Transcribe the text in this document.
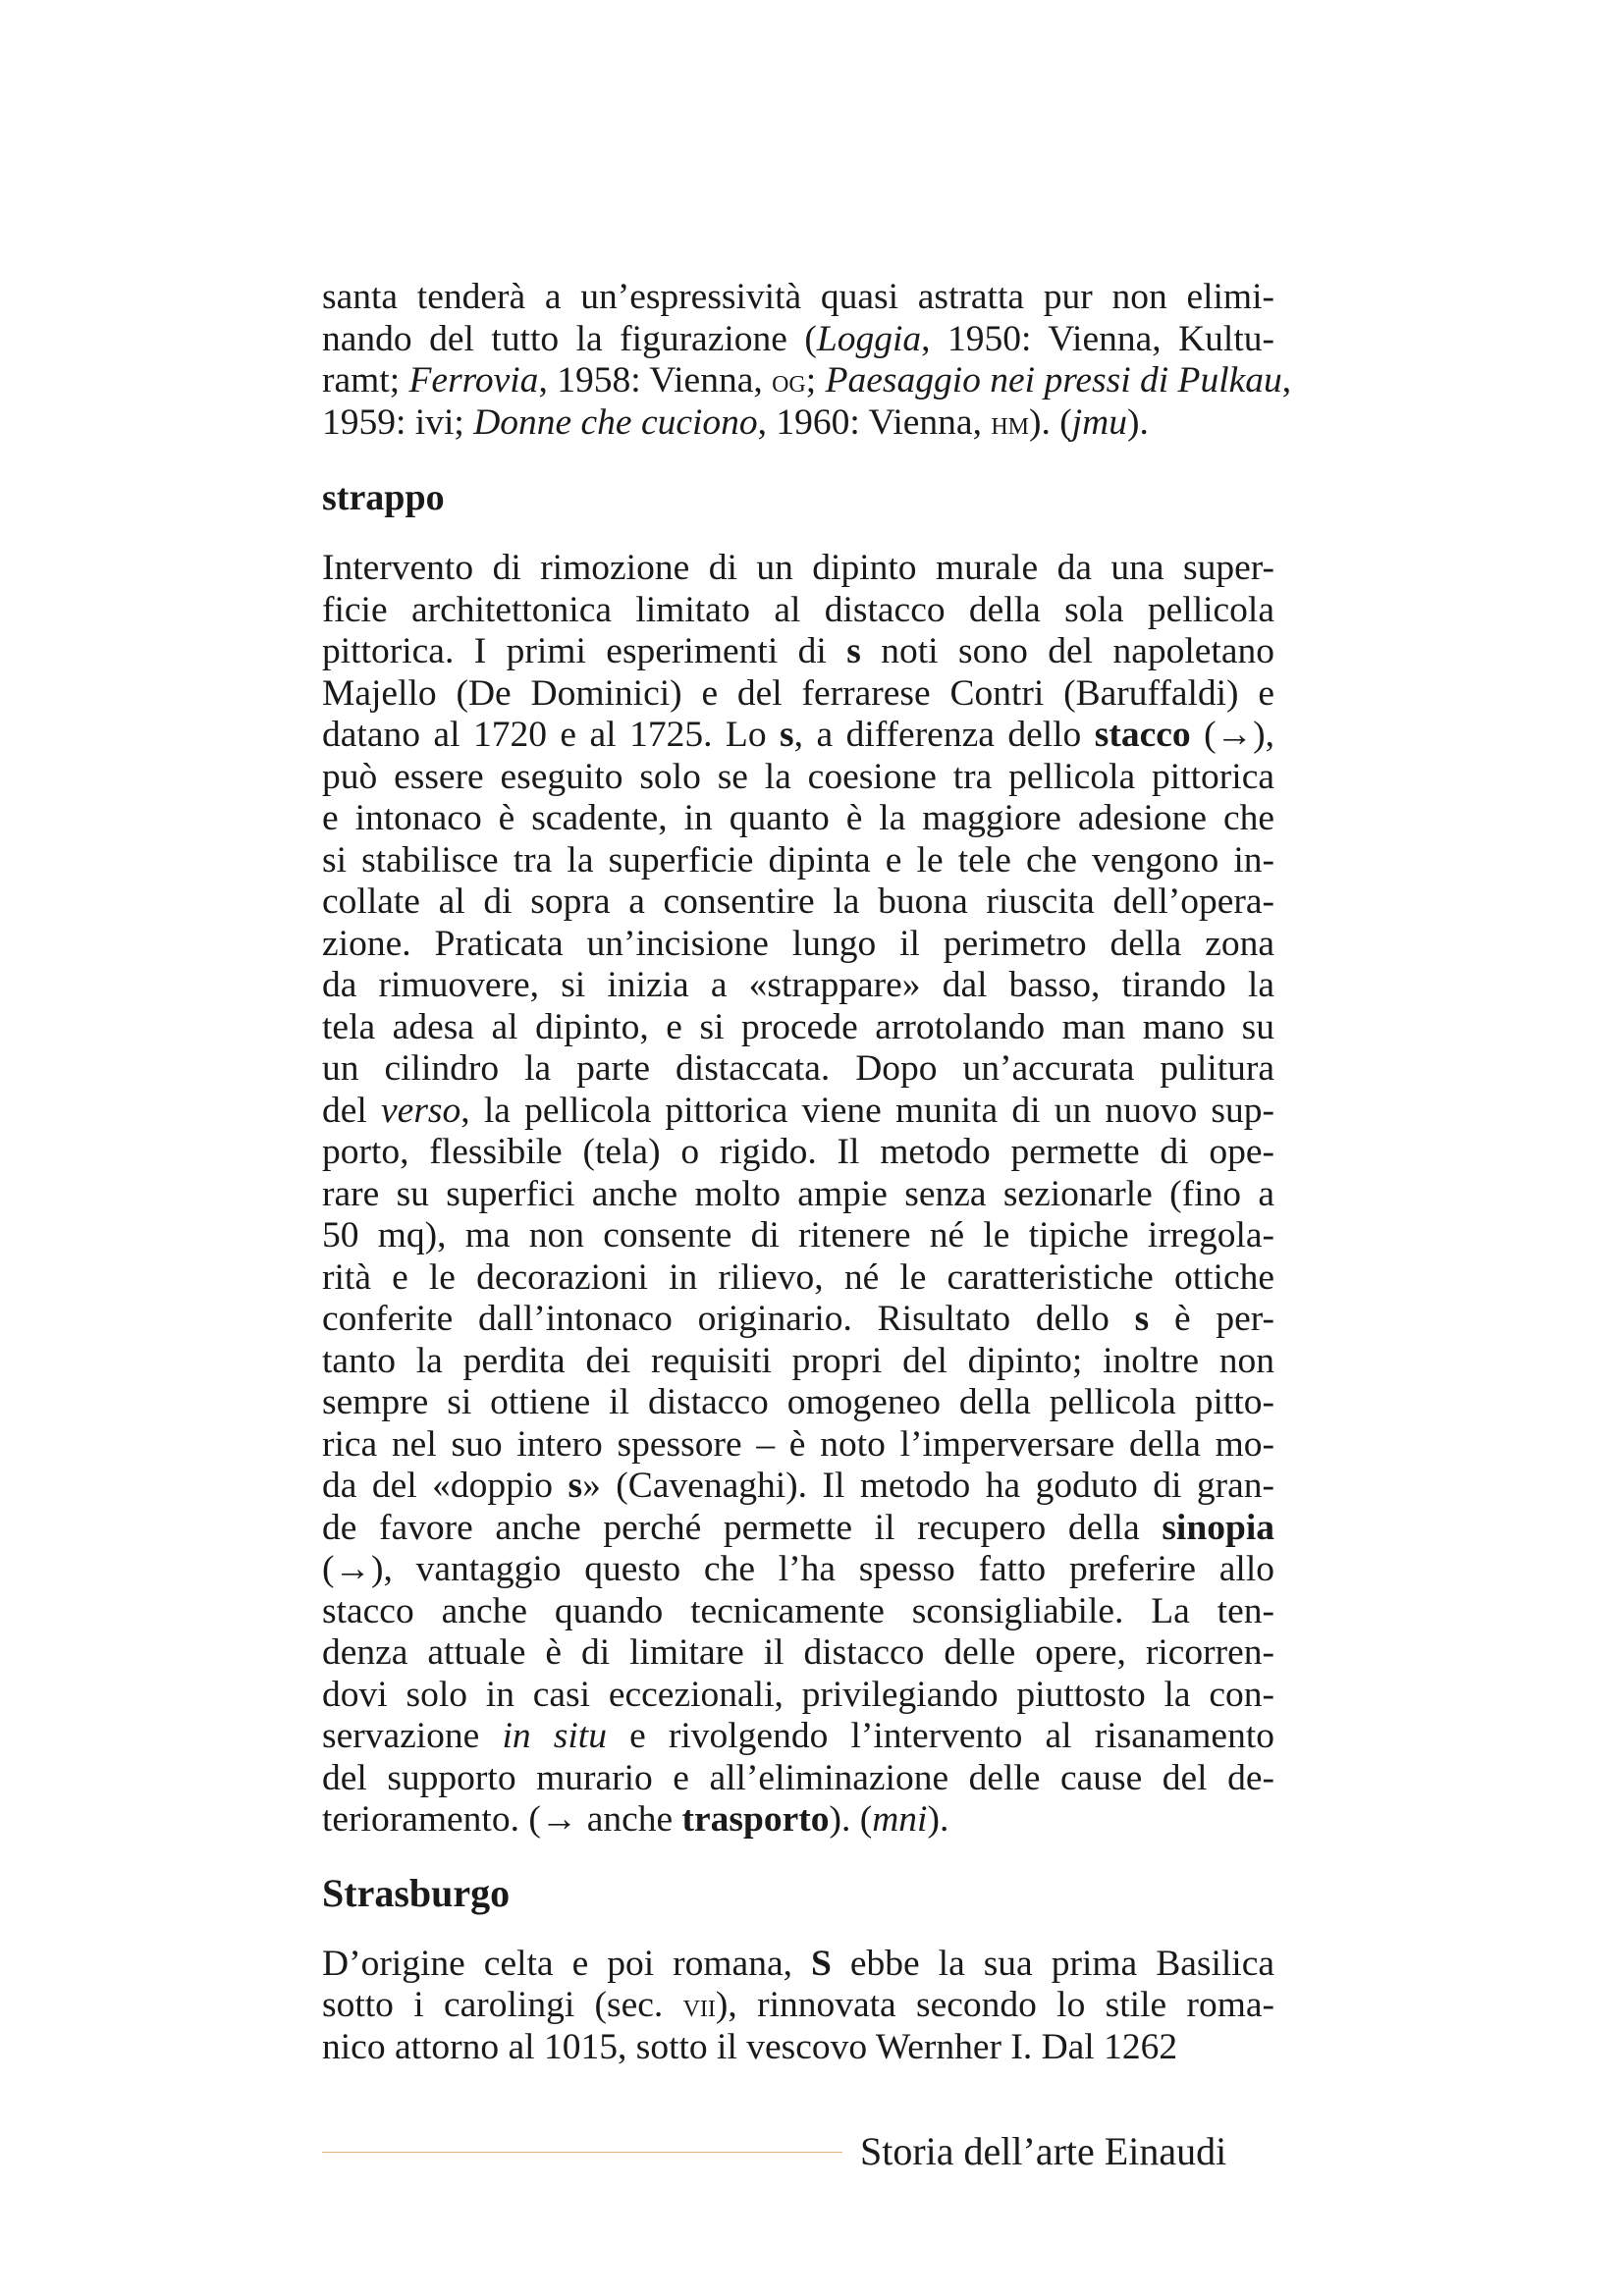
santa tenderà a un’espressività quasi astratta pur non elimi-
nando del tutto la figurazione (Loggia, 1950: Vienna, Kultu-
ramt; Ferrovia, 1958: Vienna, og; Paesaggio nei pressi di Pulkau,
1959: ivi; Donne che cuciono, 1960: Vienna, hm). (jmu).
strappo
Intervento di rimozione di un dipinto murale da una super-
ficie architettonica limitato al distacco della sola pellicola
pittorica. I primi esperimenti di s noti sono del napoletano
Majello (De Dominici) e del ferrarese Contri (Baruffaldi) e
datano al 1720 e al 1725. Lo s, a differenza dello stacco (→),
può essere eseguito solo se la coesione tra pellicola pittorica
e intonaco è scadente, in quanto è la maggiore adesione che
si stabilisce tra la superficie dipinta e le tele che vengono in-
collate al di sopra a consentire la buona riuscita dell’opera-
zione. Praticata un’incisione lungo il perimetro della zona
da rimuovere, si inizia a «strappare» dal basso, tirando la
tela adesa al dipinto, e si procede arrotolando man mano su
un cilindro la parte distaccata. Dopo un’accurata pulitura
del verso, la pellicola pittorica viene munita di un nuovo sup-
porto, flessibile (tela) o rigido. Il metodo permette di ope-
rare su superfici anche molto ampie senza sezionarle (fino a
50 mq), ma non consente di ritenere né le tipiche irregola-
rità e le decorazioni in rilievo, né le caratteristiche ottiche
conferite dall’intonaco originario. Risultato dello s è per-
tanto la perdita dei requisiti propri del dipinto; inoltre non
sempre si ottiene il distacco omogeneo della pellicola pitto-
rica nel suo intero spessore – è noto l’imperversare della mo-
da del «doppio s» (Cavenaghi). Il metodo ha goduto di gran-
de favore anche perché permette il recupero della sinopia
(→), vantaggio questo che l’ha spesso fatto preferire allo
stacco anche quando tecnicamente sconsigliabile. La ten-
denza attuale è di limitare il distacco delle opere, ricorren-
dovi solo in casi eccezionali, privilegiando piuttosto la con-
servazione in situ e rivolgendo l’intervento al risanamento
del supporto murario e all’eliminazione delle cause del de-
terioramento. (→ anche trasporto). (mni).
Strasburgo
D’origine celta e poi romana, S ebbe la sua prima Basilica
sotto i carolingi (sec. vii), rinnovata secondo lo stile roma-
nico attorno al 1015, sotto il vescovo Wernher I. Dal 1262
Storia dell’arte Einaudi
